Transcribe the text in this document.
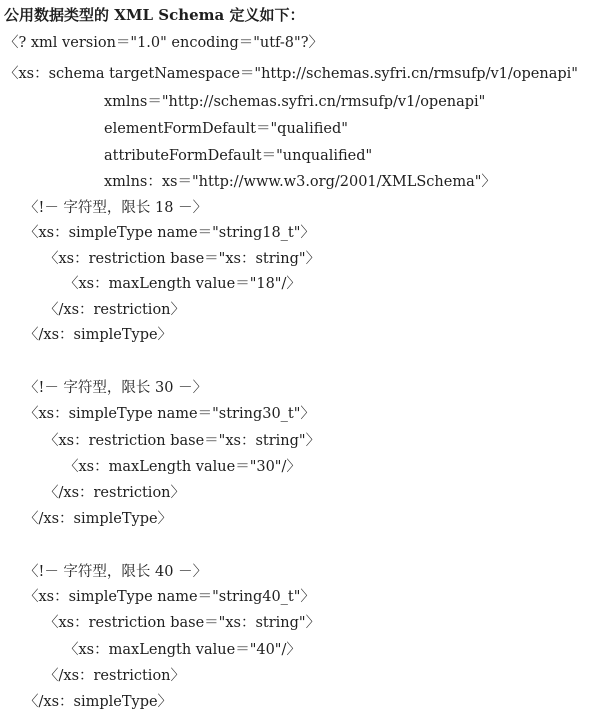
公用数据类型的 XML Schema 定义如下：
〈? xml version＝"1.0" encoding＝"utf-8"?〉
〈xs：schema targetNamespace＝"http://schemas.syfri.cn/rmsufp/v1/openapi"
xmlns＝"http://schemas.syfri.cn/rmsufp/v1/openapi"
elementFormDefault＝"qualified"
attributeFormDefault＝"unqualified"
xmlns：xs＝"http://www.w3.org/2001/XMLSchema"〉
〈!－ 字符型，限长 18 －〉
〈xs：simpleType name＝"string18_t"〉
〈xs：restriction base＝"xs：string"〉
〈xs：maxLength value＝"18"/〉
〈/xs：restriction〉
〈/xs：simpleType〉
〈!－ 字符型，限长 30 －〉
〈xs：simpleType name＝"string30_t"〉
〈xs：restriction base＝"xs：string"〉
〈xs：maxLength value＝"30"/〉
〈/xs：restriction〉
〈/xs：simpleType〉
〈!－ 字符型，限长 40 －〉
〈xs：simpleType name＝"string40_t"〉
〈xs：restriction base＝"xs：string"〉
〈xs：maxLength value＝"40"/〉
〈/xs：restriction〉
〈/xs：simpleType〉
